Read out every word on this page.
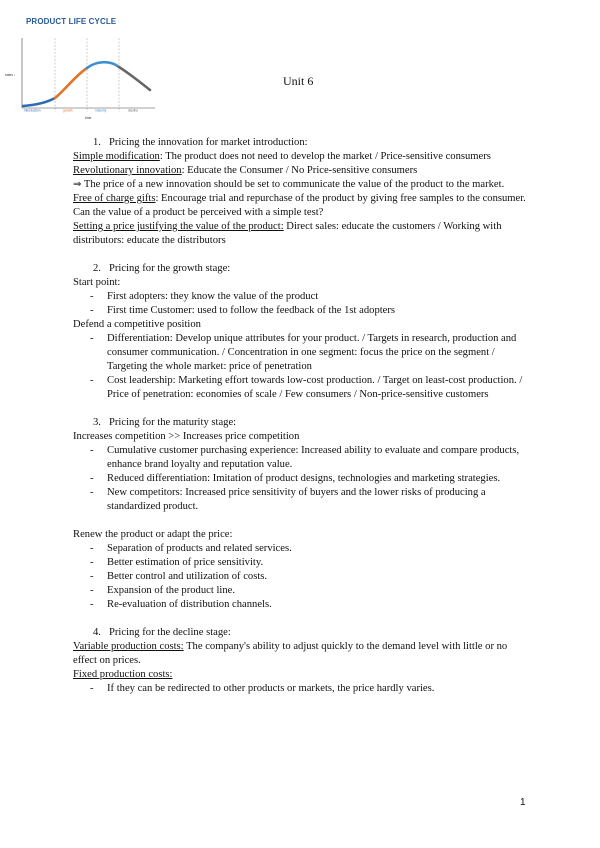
PRODUCT LIFE CYCLE
sales ↑
time
introduction	growth	maturity	decline
Unit 6
1. Pricing the innovation for market introduction:
Simple modification: The product does not need to develop the market / Price-sensitive consumers
Revolutionary innovation: Educate the Consumer / No Price-sensitive consumers
⇒ The price of a new innovation should be set to communicate the value of the product to the market.
Free of charge gifts: Encourage trial and repurchase of the product by giving free samples to the consumer. Can the value of a product be perceived with a simple test?
Setting a price justifying the value of the product: Direct sales: educate the customers / Working with distributors: educate the distributors
2. Pricing for the growth stage:
Start point:
- First adopters: they know the value of the product
- First time Customer: used to follow the feedback of the 1st adopters
Defend a competitive position
- Differentiation: Develop unique attributes for your product. / Targets in research, production and consumer communication. / Concentration in one segment: focus the price on the segment / Targeting the whole market: price of penetration
- Cost leadership: Marketing effort towards low-cost production. / Target on least-cost production. / Price of penetration: economies of scale / Few consumers / Non-price-sensitive customers
3. Pricing for the maturity stage:
Increases competition >> Increases price competition
- Cumulative customer purchasing experience: Increased ability to evaluate and compare products, enhance brand loyalty and reputation value.
- Reduced differentiation: Imitation of product designs, technologies and marketing strategies.
- New competitors: Increased price sensitivity of buyers and the lower risks of producing a standardized product.
Renew the product or adapt the price:
- Separation of products and related services.
- Better estimation of price sensitivity.
- Better control and utilization of costs.
- Expansion of the product line.
- Re-evaluation of distribution channels.
4. Pricing for the decline stage:
Variable production costs: The company's ability to adjust quickly to the demand level with little or no effect on prices.
Fixed production costs:
- If they can be redirected to other products or markets, the price hardly varies.
1
